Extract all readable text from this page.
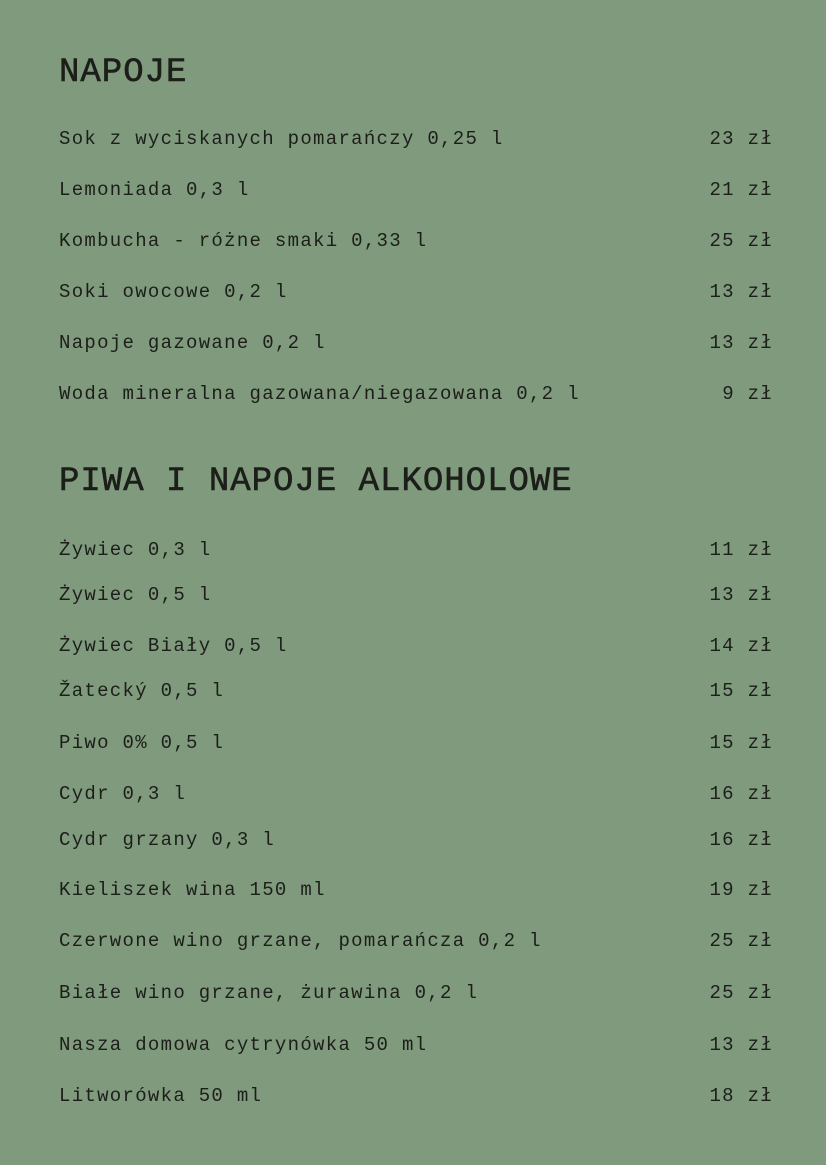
NAPOJE
Sok z wyciskanych pomarańczy 0,25 l	23 zł
Lemoniada 0,3 l	21 zł
Kombucha - różne smaki 0,33 l	25 zł
Soki owocowe 0,2 l	13 zł
Napoje gazowane 0,2 l	13 zł
Woda mineralna gazowana/niegazowana 0,2 l	9 zł
PIWA I NAPOJE ALKOHOLOWE
Żywiec 0,3 l	11 zł
Żywiec 0,5 l	13 zł
Żywiec Biały 0,5 l	14 zł
Žatecký 0,5 l	15 zł
Piwo 0% 0,5 l	15 zł
Cydr 0,3 l	16 zł
Cydr grzany 0,3 l	16 zł
Kieliszek wina 150 ml	19 zł
Czerwone wino grzane, pomarańcza 0,2 l	25 zł
Białe wino grzane, żurawina 0,2 l	25 zł
Nasza domowa cytrynówka 50 ml	13 zł
Litworówka 50 ml	18 zł
